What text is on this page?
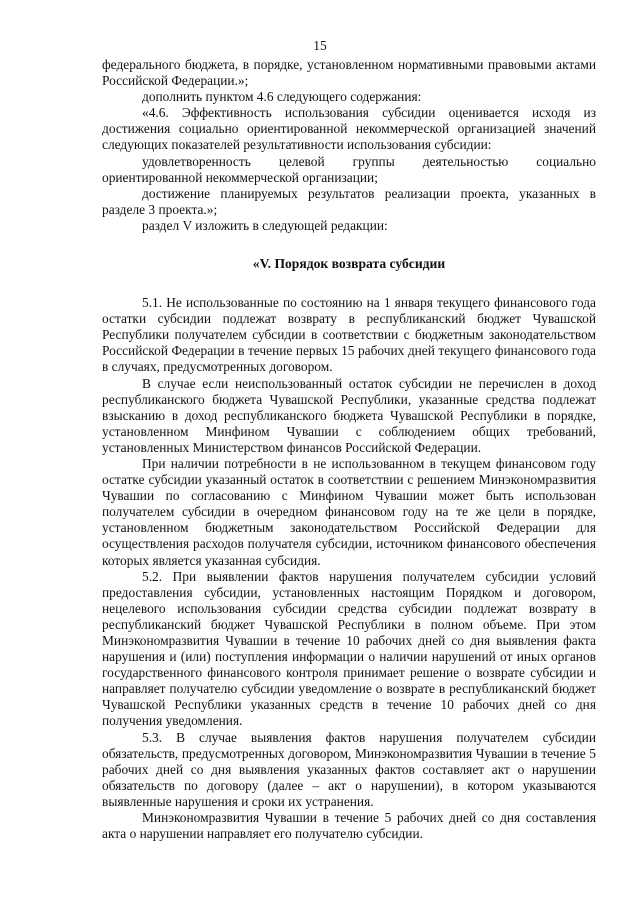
15

федерального бюджета, в порядке, установленном нормативными правовыми актами Российской Федерации.»;

дополнить пунктом 4.6 следующего содержания:

«4.6. Эффективность использования субсидии оценивается исходя из достижения социально ориентированной некоммерческой организацией значений следующих показателей результативности использования субсидии:

удовлетворенность целевой группы деятельностью социально ориентированной некоммерческой организации;

достижение планируемых результатов реализации проекта, указанных в разделе 3 проекта.»;

раздел V изложить в следующей редакции:

«V. Порядок возврата субсидии

5.1. Не использованные по состоянию на 1 января текущего финансового года остатки субсидии подлежат возврату в республиканский бюджет Чувашской Республики получателем субсидии в соответствии с бюджетным законодательством Российской Федерации в течение первых 15 рабочих дней текущего финансового года в случаях, предусмотренных договором.

В случае если неиспользованный остаток субсидии не перечислен в доход республиканского бюджета Чувашской Республики, указанные средства подлежат взысканию в доход республиканского бюджета Чувашской Республики в порядке, установленном Минфином Чувашии с соблюдением общих требований, установленных Министерством финансов Российской Федерации.

При наличии потребности в не использованном в текущем финансовом году остатке субсидии указанный остаток в соответствии с решением Минэкономразвития Чувашии по согласованию с Минфином Чувашии может быть использован получателем субсидии в очередном финансовом году на те же цели в порядке, установленном бюджетным законодательством Российской Федерации для осуществления расходов получателя субсидии, источником финансового обеспечения которых является указанная субсидия.

5.2. При выявлении фактов нарушения получателем субсидии условий предоставления субсидии, установленных настоящим Порядком и договором, нецелевого использования субсидии средства субсидии подлежат возврату в республиканский бюджет Чувашской Республики в полном объеме. При этом Минэкономразвития Чувашии в течение 10 рабочих дней со дня выявления факта нарушения и (или) поступления информации о наличии нарушений от иных органов государственного финансового контроля принимает решение о возврате субсидии и направляет получателю субсидии уведомление о возврате в республиканский бюджет Чувашской Республики указанных средств в течение 10 рабочих дней со дня получения уведомления.

5.3. В случае выявления фактов нарушения получателем субсидии обязательств, предусмотренных договором, Минэкономразвития Чувашии в течение 5 рабочих дней со дня выявления указанных фактов составляет акт о нарушении обязательств по договору (далее – акт о нарушении), в котором указываются выявленные нарушения и сроки их устранения.

Минэкономразвития Чувашии в течение 5 рабочих дней со дня составления акта о нарушении направляет его получателю субсидии.
